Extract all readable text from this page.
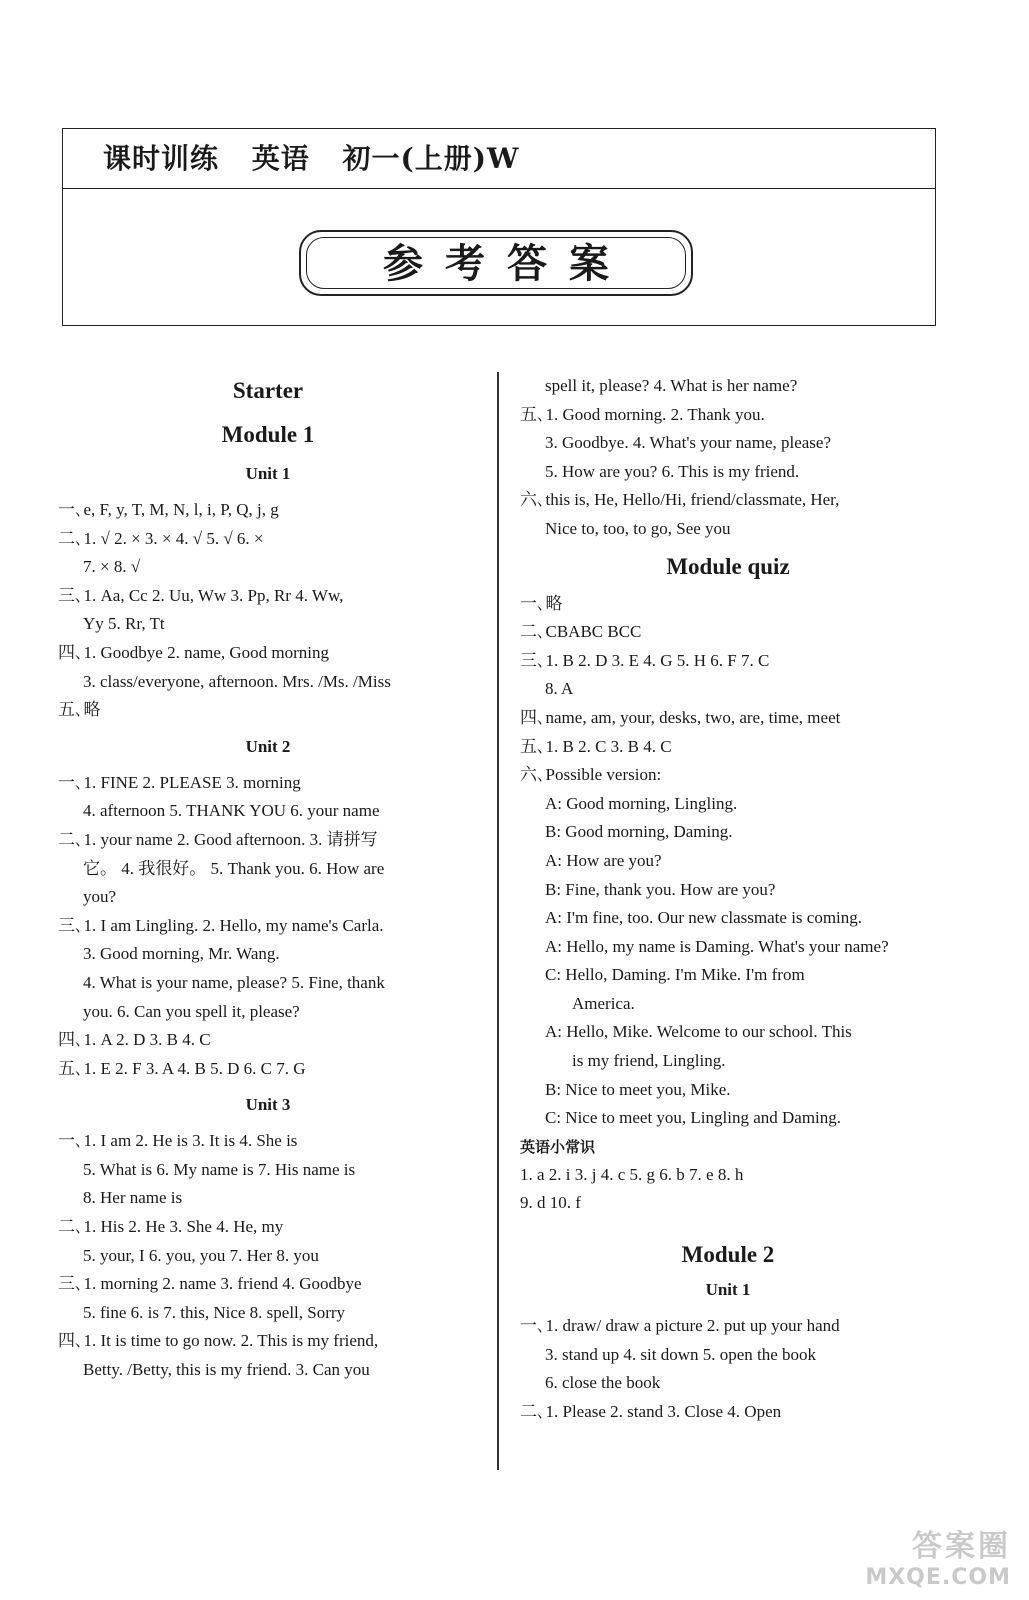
课时训练 英语 初一(上册)W
参考答案
Starter
Module 1
Unit 1
一､e, F, y, T, M, N, l, i, P, Q, j, g
二､1. √ 2. × 3. × 4. √ 5. √ 6. ×
7. × 8. √
三､1. Aa, Cc 2. Uu, Ww 3. Pp, Rr 4. Ww,
Yy 5. Rr, Tt
四､1. Goodbye 2. name, Good morning
3. class/everyone, afternoon. Mrs. /Ms. /Miss
五､略
Unit 2
一､1. FINE 2. PLEASE 3. morning
4. afternoon 5. THANK YOU 6. your name
二､1. your name 2. Good afternoon. 3. 请拼写
它。 4. 我很好。 5. Thank you. 6. How are
you?
三､1. I am Lingling. 2. Hello, my name's Carla.
3. Good morning, Mr. Wang.
4. What is your name, please? 5. Fine, thank
you. 6. Can you spell it, please?
四､1. A 2. D 3. B 4. C
五､1. E 2. F 3. A 4. B 5. D 6. C 7. G
Unit 3
一､1. I am 2. He is 3. It is 4. She is
5. What is 6. My name is 7. His name is
8. Her name is
二､1. His 2. He 3. She 4. He, my
5. your, I 6. you, you 7. Her 8. you
三､1. morning 2. name 3. friend 4. Goodbye
5. fine 6. is 7. this, Nice 8. spell, Sorry
四､1. It is time to go now. 2. This is my friend,
Betty. /Betty, this is my friend. 3. Can you
spell it, please? 4. What is her name?
五､1. Good morning. 2. Thank you.
3. Goodbye. 4. What's your name, please?
5. How are you? 6. This is my friend.
六､this is, He, Hello/Hi, friend/classmate, Her,
Nice to, too, to go, See you
Module quiz
一､略
二､CBABC BCC
三､1. B 2. D 3. E 4. G 5. H 6. F 7. C
8. A
四､name, am, your, desks, two, are, time, meet
五､1. B 2. C 3. B 4. C
六､Possible version:
A: Good morning, Lingling.
B: Good morning, Daming.
A: How are you?
B: Fine, thank you. How are you?
A: I'm fine, too. Our new classmate is coming.
A: Hello, my name is Daming. What's your name?
C: Hello, Daming. I'm Mike. I'm from
America.
A: Hello, Mike. Welcome to our school. This
is my friend, Lingling.
B: Nice to meet you, Mike.
C: Nice to meet you, Lingling and Daming.
英语小常识
1. a 2. i 3. j 4. c 5. g 6. b 7. e 8. h
9. d 10. f
Module 2
Unit 1
一､1. draw/ draw a picture 2. put up your hand
3. stand up 4. sit down 5. open the book
6. close the book
二､1. Please 2. stand 3. Close 4. Open
答案圈
MXQE.COM
